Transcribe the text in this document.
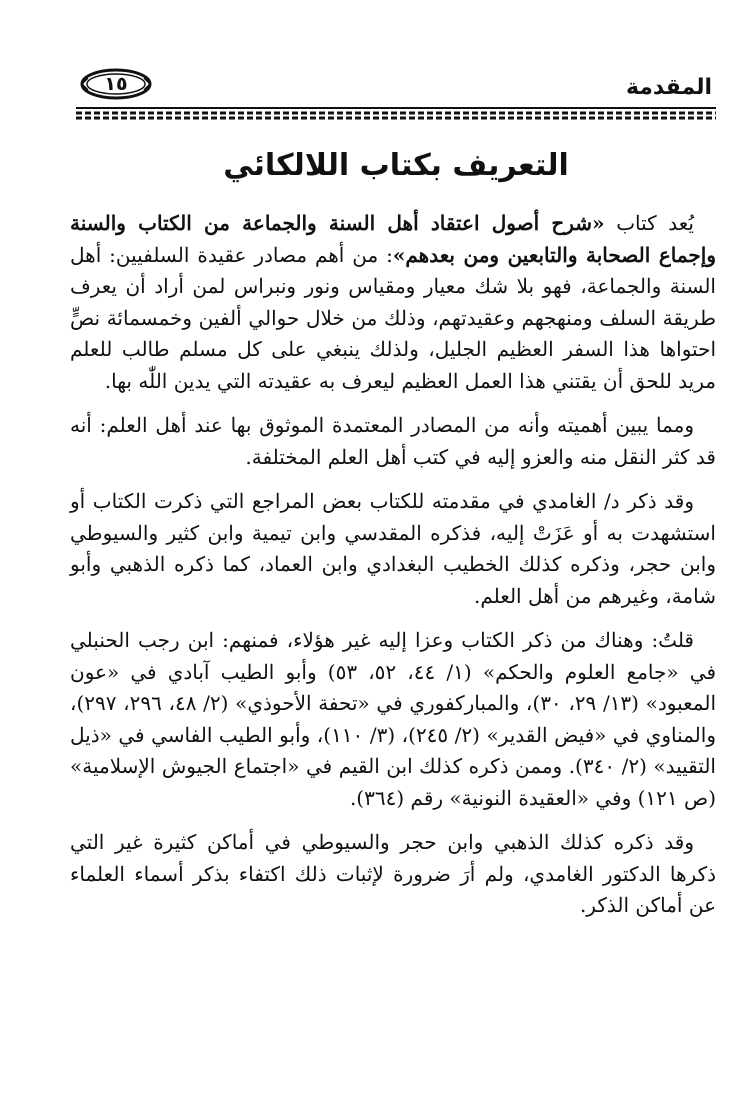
المقدمة
١٥
التعريف بكتاب اللالكائي

يُعد كتاب «شرح أصول اعتقاد أهل السنة والجماعة من الكتاب والسنة وإجماع الصحابة والتابعين ومن بعدهم»: من أهم مصادر عقيدة السلفيين: أهل السنة والجماعة، فهو بلا شك معيار ومقياس ونور ونبراس لمن أراد أن يعرف طريقة السلف ومنهجهم وعقيدتهم، وذلك من خلال حوالي ألفين وخمسمائة نصٍّ احتواها هذا السفر العظيم الجليل، ولذلك ينبغي على كل مسلم طالب للعلم مريد للحق أن يقتني هذا العمل العظيم ليعرف به عقيدته التي يدين اللّٰه بها.

ومما يبين أهميته وأنه من المصادر المعتمدة الموثوق بها عند أهل العلم: أنه قد كثر النقل منه والعزو إليه في كتب أهل العلم المختلفة.

وقد ذكر د/ الغامدي في مقدمته للكتاب بعض المراجع التي ذكرت الكتاب أو استشهدت به أو عَزَتْ إليه، فذكره المقدسي وابن تيمية وابن كثير والسيوطي وابن حجر، وذكره كذلك الخطيب البغدادي وابن العماد، كما ذكره الذهبي وأبو شامة، وغيرهم من أهل العلم.

قلتُ: وهناك من ذكر الكتاب وعزا إليه غير هؤلاء، فمنهم: ابن رجب الحنبلي في «جامع العلوم والحكم» (١/ ٤٤، ٥٢، ٥٣) وأبو الطيب آبادي في «عون المعبود» (١٣/ ٢٩، ٣٠)، والمباركفوري في «تحفة الأحوذي» (٢/ ٤٨، ٢٩٦، ٢٩٧)، والمناوي في «فيض القدير» (٢/ ٢٤٥)، (٣/ ١١٠)، وأبو الطيب الفاسي في «ذيل التقييد» (٢/ ٣٤٠). وممن ذكره كذلك ابن القيم في «اجتماع الجيوش الإسلامية» (ص ١٢١) وفي «العقيدة النونية» رقم (٣٦٤).

وقد ذكره كذلك الذهبي وابن حجر والسيوطي في أماكن كثيرة غير التي ذكرها الدكتور الغامدي، ولم أرَ ضرورة لإثبات ذلك اكتفاء بذكر أسماء العلماء عن أماكن الذكر.
